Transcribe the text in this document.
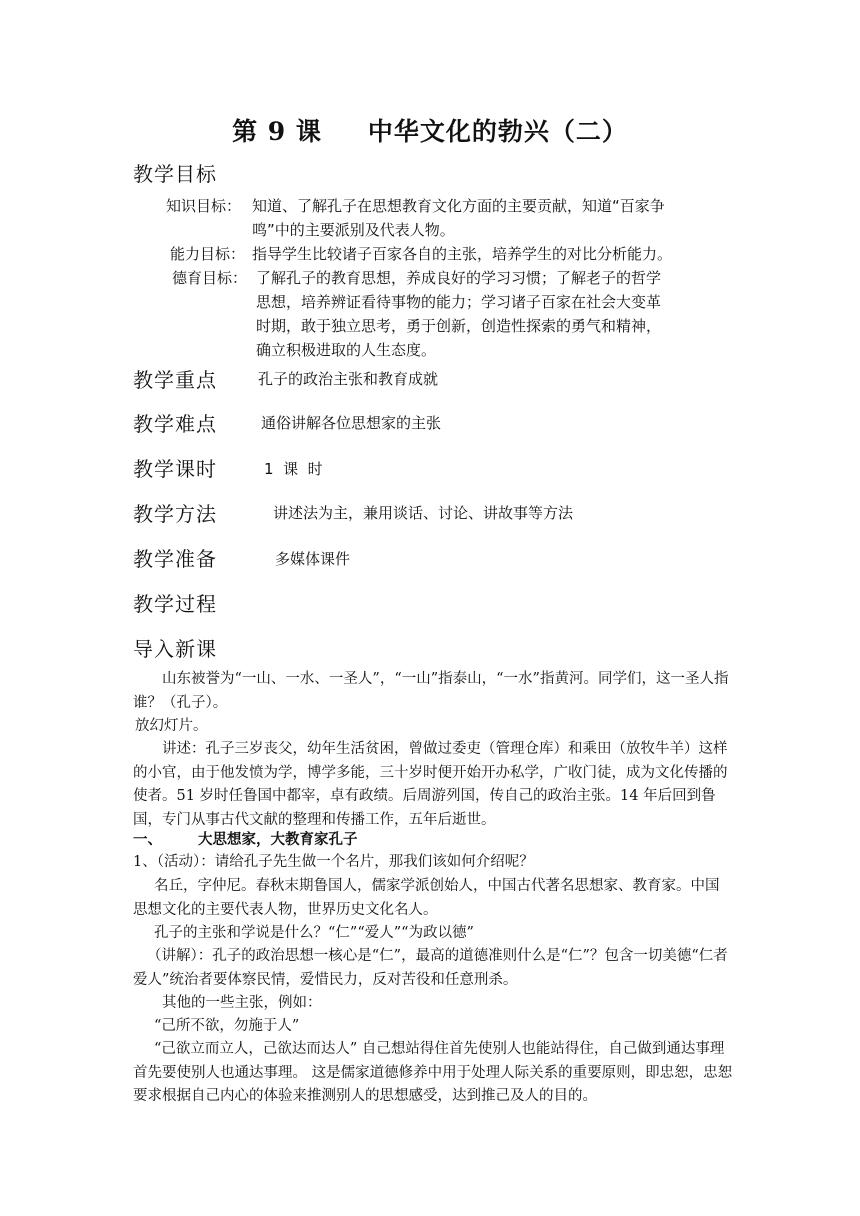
第 9 课 中华文化的勃兴（二）
教学目标
知识目标： 知道、了解孔子在思想教育文化方面的主要贡献，知道“百家争
鸣”中的主要派别及代表人物。
能力目标： 指导学生比较诸子百家各自的主张，培养学生的对比分析能力。
德育目标： 了解孔子的教育思想，养成良好的学习习惯；了解老子的哲学
思想，培养辨证看待事物的能力；学习诸子百家在社会大变革
时期，敢于独立思考，勇于创新，创造性探索的勇气和精神，
确立积极进取的人生态度。
教学重点	孔子的政治主张和教育成就
教学难点	通俗讲解各位思想家的主张
教学课时	1  课  时
教学方法	讲述法为主，兼用谈话、讨论、讲故事等方法
教学准备	多媒体课件
教学过程
导入新课
山东被誉为“一山、一水、一圣人”，“一山”指泰山，“一水”指黄河。同学们，这一圣人指谁？（孔子）。
放幻灯片。
讲述：孔子三岁丧父，幼年生活贫困，曾做过委吏（管理仓库）和乘田（放牧牛羊）这样的小官，由于他发愤为学，博学多能，三十岁时便开始开办私学，广收门徒，成为文化传播的使者。51 岁时任鲁国中都宰，卓有政绩。后周游列国，传自己的政治主张。14 年后回到鲁国，专门从事古代文献的整理和传播工作，五年后逝世。
一、 大思想家，大教育家孔子
1、（活动）：请给孔子先生做一个名片，那我们该如何介绍呢？
名丘，字仲尼。春秋末期鲁国人，儒家学派创始人，中国古代著名思想家、教育家。中国思想文化的主要代表人物，世界历史文化名人。
孔子的主张和学说是什么？“仁”“爱人”“为政以德”
（讲解）：孔子的政治思想一核心是“仁”，最高的道德准则什么是“仁”？包含一切美德“仁者爱人”统治者要体察民情，爱惜民力，反对苦役和任意刑杀。
其他的一些主张，例如：
“己所不欲，勿施于人”
“己欲立而立人，己欲达而达人” 自己想站得住首先使别人也能站得住，自己做到通达事理首先要使别人也通达事理。 这是儒家道德修养中用于处理人际关系的重要原则，即忠恕，忠恕要求根据自己内心的体验来推测别人的思想感受，达到推己及人的目的。
